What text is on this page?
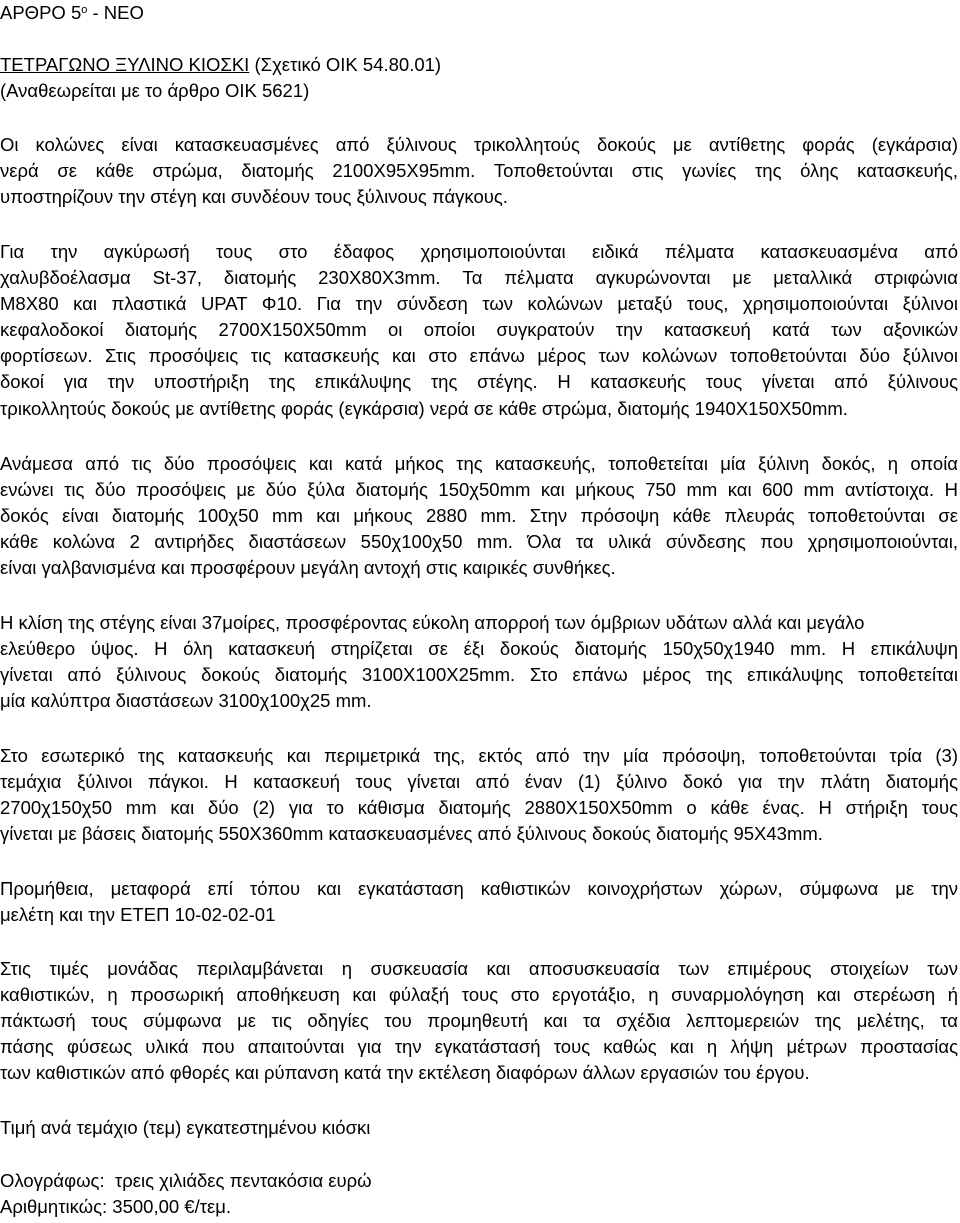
ΑΡΘΡΟ $5^o$ - ΝΕΟ
ΤΕΤΡΑΓΩΝΟ ΞΥΛΙΝΟ ΚΙΟΣΚΙ (Σχετικό ΟΙΚ 54.80.01)
(Αναθεωρείται με το άρθρο ΟΙΚ 5621)
Οι κολώνες είναι κατασκευασμένες από ξύλινους τρικολλητούς δοκούς με αντίθετης φοράς (εγκάρσια)
νερά σε κάθε στρώμα, διατομής 2100Χ95Χ95mm. Τοποθετούνται στις γωνίες της όλης κατασκευής,
υποστηρίζουν την στέγη και συνδέουν τους ξύλινους πάγκους.
Για την αγκύρωσή τους στο έδαφος χρησιμοποιούνται ειδικά πέλματα κατασκευασμένα από
χαλυβδοέλασμα St-37, διατομής 230Χ80Χ3mm. Τα πέλματα αγκυρώνονται με μεταλλικά στριφώνια
Μ8Χ80 και πλαστικά UPAT Φ10. Για την σύνδεση των κολώνων μεταξύ τους, χρησιμοποιούνται ξύλινοι
κεφαλοδοκοί διατομής 2700Χ150Χ50mm οι οποίοι συγκρατούν την κατασκευή κατά των αξονικών
φορτίσεων. Στις προσόψεις τις κατασκευής και στο επάνω μέρος των κολώνων τοποθετούνται δύο ξύλινοι
δοκοί για την υποστήριξη της επικάλυψης της στέγης. Η κατασκευής τους γίνεται από ξύλινους
τρικολλητούς δοκούς με αντίθετης φοράς (εγκάρσια) νερά σε κάθε στρώμα, διατομής 1940Χ150Χ50mm.
Ανάμεσα από τις δύο προσόψεις και κατά μήκος της κατασκευής, τοποθετείται μία ξύλινη δοκός, η οποία
ενώνει τις δύο προσόψεις με δύο ξύλα διατομής 150χ50mm και μήκους 750 mm και 600 mm αντίστοιχα. Η
δοκός είναι διατομής 100χ50 mm και μήκους 2880 mm. Στην πρόσοψη κάθε πλευράς τοποθετούνται σε
κάθε κολώνα 2 αντιρήδες διαστάσεων 550χ100χ50 mm. Όλα τα υλικά σύνδεσης που χρησιμοποιούνται,
είναι γαλβανισμένα και προσφέρουν μεγάλη αντοχή στις καιρικές συνθήκες.
Η κλίση της στέγης είναι 37μοίρες, προσφέροντας εύκολη απορροή των όμβριων υδάτων αλλά και μεγάλο
ελεύθερο ύψος. Η όλη κατασκευή στηρίζεται σε έξι δοκούς διατομής 150χ50χ1940 mm. Η επικάλυψη
γίνεται από ξύλινους δοκούς διατομής 3100Χ100Χ25mm. Στο επάνω μέρος της επικάλυψης τοποθετείται
μία καλύπτρα διαστάσεων 3100χ100χ25 mm.
Στο εσωτερικό της κατασκευής και περιμετρικά της, εκτός από την μία πρόσοψη, τοποθετούνται τρία (3)
τεμάχια ξύλινοι πάγκοι. Η κατασκευή τους γίνεται από έναν (1) ξύλινο δοκό για την πλάτη διατομής
2700χ150χ50 mm και δύο (2) για το κάθισμα διατομής 2880Χ150Χ50mm ο κάθε ένας. Η στήριξη τους
γίνεται με βάσεις διατομής 550Χ360mm κατασκευασμένες από ξύλινους δοκούς διατομής 95Χ43mm.
Προμήθεια, μεταφορά επί τόπου και εγκατάσταση καθιστικών κοινοχρήστων χώρων, σύμφωνα με την
μελέτη και την ΕΤΕΠ 10-02-02-01
Στις τιμές μονάδας περιλαμβάνεται η συσκευασία και αποσυσκευασία των επιμέρους στοιχείων των
καθιστικών, η προσωρική αποθήκευση και φύλαξή τους στο εργοτάξιο, η συναρμολόγηση και στερέωση ή
πάκτωσή τους σύμφωνα με τις οδηγίες του προμηθευτή και τα σχέδια λεπτομερειών της μελέτης, τα
πάσης φύσεως υλικά που απαιτούνται για την εγκατάστασή τους καθώς και η λήψη μέτρων προστασίας
των καθιστικών από φθορές και ρύπανση κατά την εκτέλεση διαφόρων άλλων εργασιών του έργου.
Τιμή ανά τεμάχιο (τεμ) εγκατεστημένου κιόσκι
Ολογράφως:  τρεις χιλιάδες πεντακόσια ευρώ
Αριθμητικώς: 3500,00 €/τεμ.
